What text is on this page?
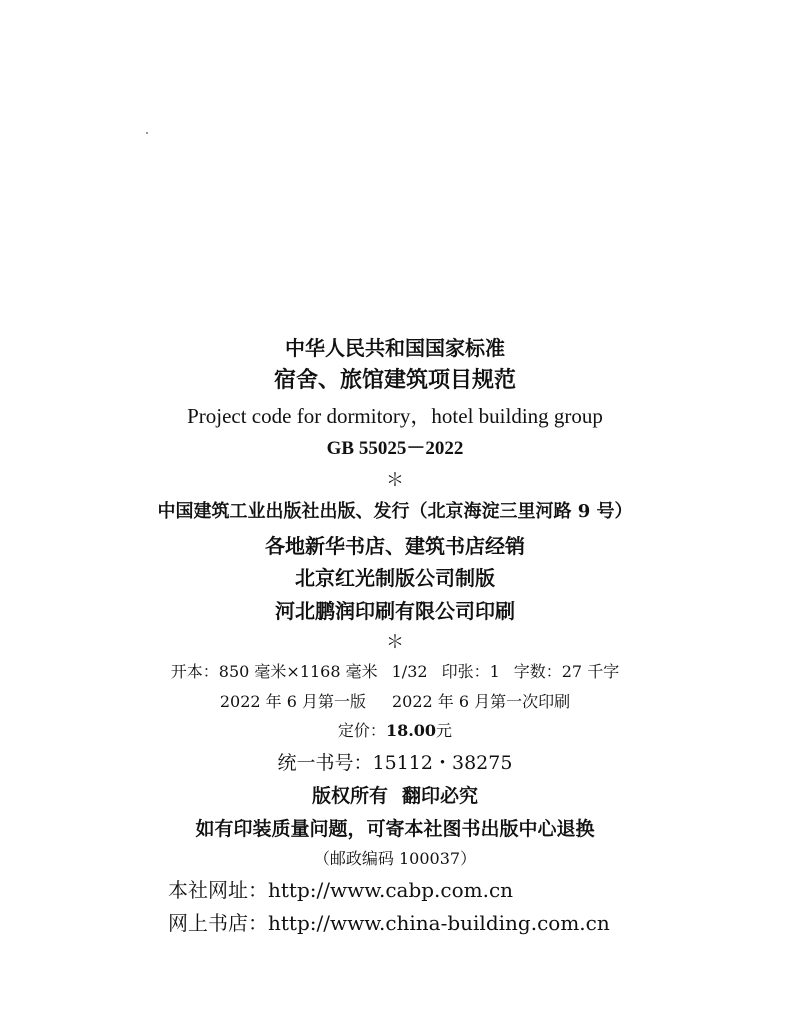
中华人民共和国国家标准
宿舍、旅馆建筑项目规范
Project code for dormitory，hotel building group
GB 55025－2022
＊
中国建筑工业出版社出版、发行（北京海淀三里河路 9 号）
各地新华书店、建筑书店经销
北京红光制版公司制版
河北鹏润印刷有限公司印刷
＊
开本：850 毫米×1168 毫米 1/32 印张：1 字数：27 千字
2022 年 6 月第一版 2022 年 6 月第一次印刷
定价：18.00元
统一书号：15112・38275
版权所有 翻印必究
如有印装质量问题，可寄本社图书出版中心退换
（邮政编码 100037）
本社网址：http://www.cabp.com.cn
网上书店：http://www.china-building.com.cn
